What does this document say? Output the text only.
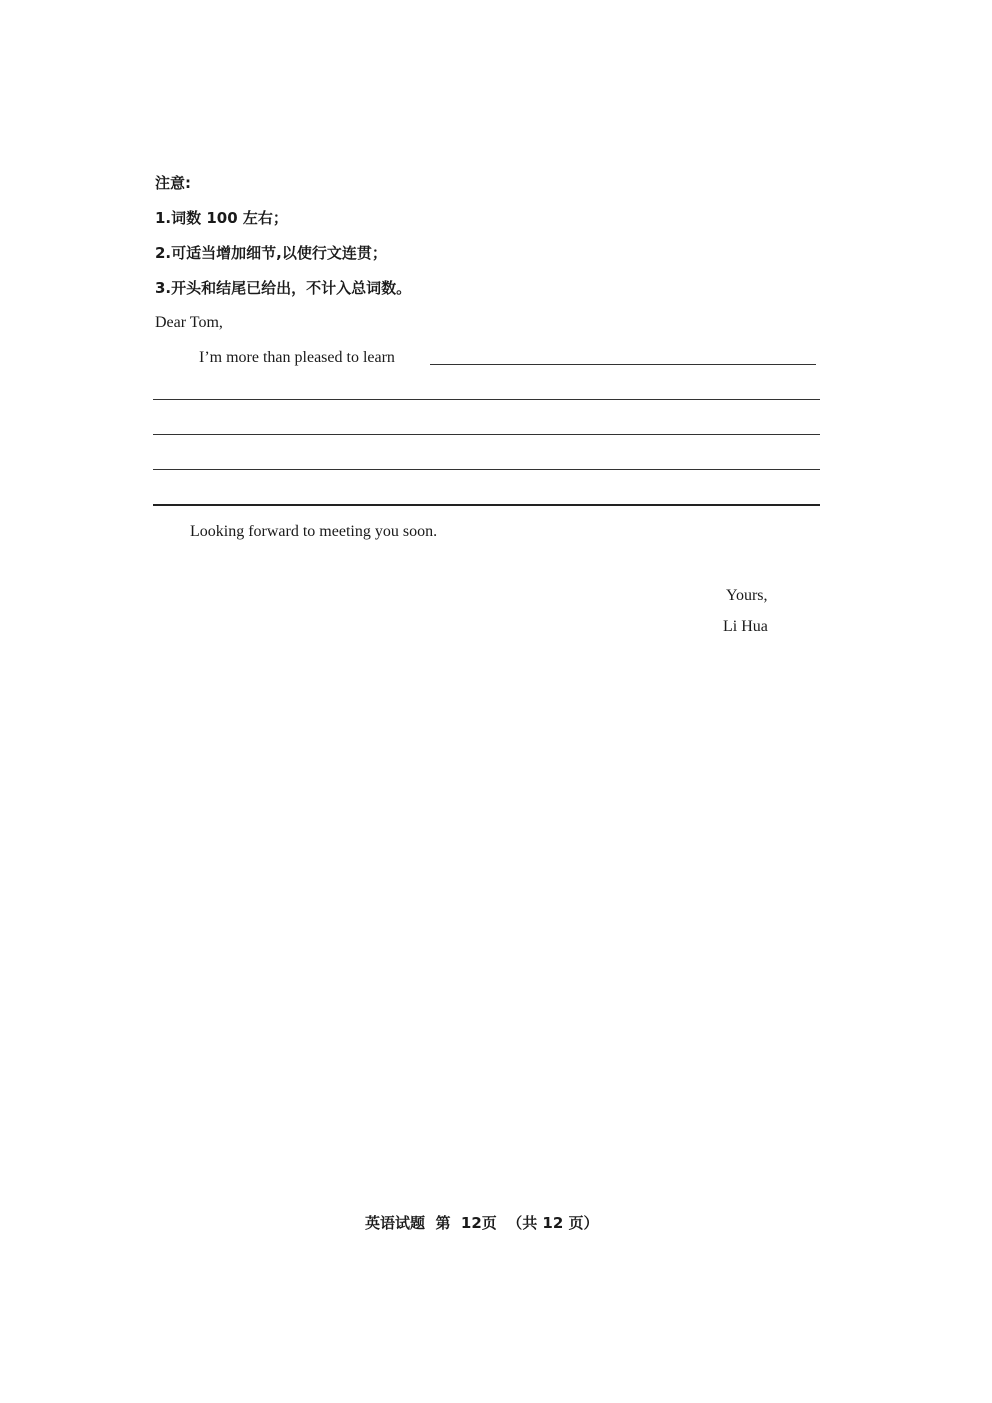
注意:
1.词数 100 左右；
2.可适当增加细节,以使行文连贯；
3.开头和结尾已给出，不计入总词数。
Dear Tom,
I’m more than pleased to learn
Looking forward to meeting you soon.
Yours,
Li Hua
英语试题  第  12页  （共 12 页）
